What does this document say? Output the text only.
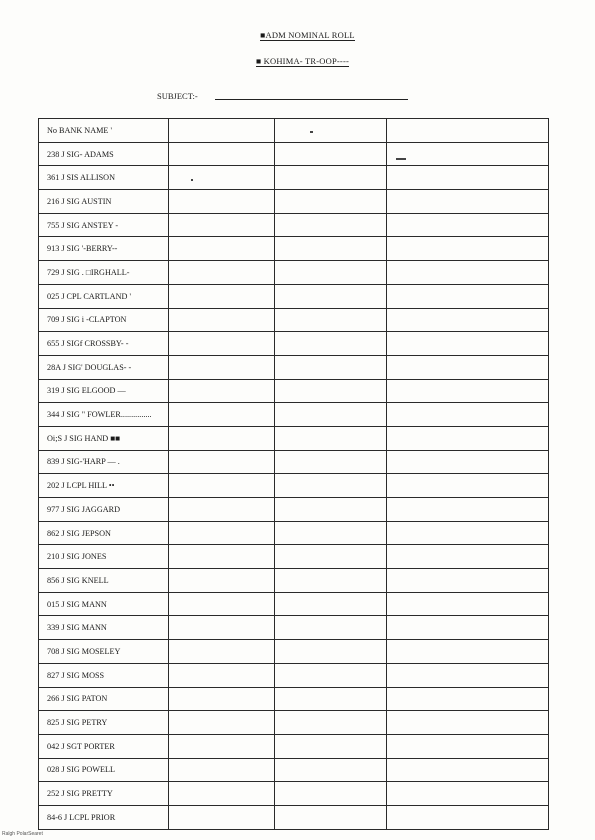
■ADM NOMINAL ROLL
■ KOHIMA- TR-OOP----
SUBJECT:-
No BANK NAME '			
238 J SIG- ADAMS			
361 J SIS ALLISON			
216 J SIG AUSTIN			
755 J SIG ANSTEY -			
913 J SIG '-BERRY--			
729 J SIG . □IRGHALL-			
025 J CPL CARTLAND '			
709 J SIG i -CLAPTON			
655 J SIGf CROSSBY- -			
28A J SIG' DOUGLAS- -			
319 J SIG ELGOOD —			
344 J SIG " FOWLER...............			
Oi;S J SIG HAND ■■			
839 J SIG-'HARP — .			
202 J LCPL HILL ••			
977 J SIG JAGGARD			
862 J SIG JEPSON			
210 J SIG JONES			
856 J SIG KNELL			
015 J SIG MANN			
339 J SIG MANN			
708 J SIG MOSELEY			
827 J SIG MOSS			
266 J SIG PATON			
825 J SIG PETRY			
042 J SGT PORTER			
028 J SIG POWELL			
252 J SIG PRETTY			
84-6 J LCPL PRIOR			
Ralgh PolarSearet
